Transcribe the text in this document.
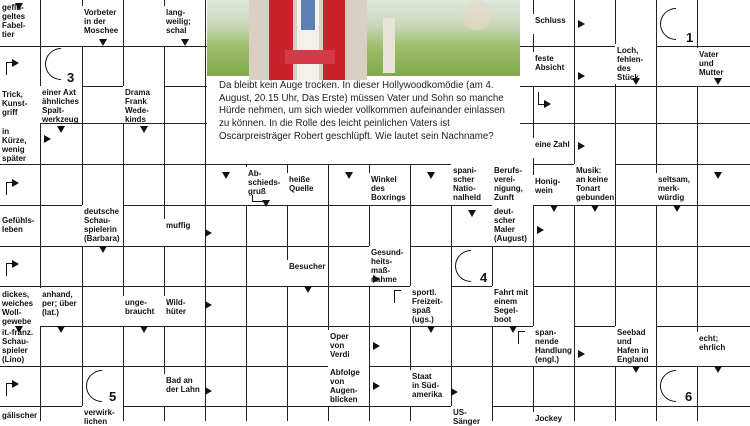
Da bleibt kein Auge trocken. In dieser Hollywoodkomödie (am 4. August, 20.15 Uhr, Das Erste) müssen Vater und Sohn so manche Hürde nehmen, um sich wieder vollkommen aufeinander einlassen zu können. In die Rolle des leicht peinlichen Vaters ist Oscarpreisträger Robert geschlüpft. Wie lautet sein Nachname?
geflü-
geltes
Fabel-
tier
Vorbeter
in der
Moschee
lang-
weilig;
schal
Trick,
Kunst-
griff
einer Axt
ähnliches
Spalt-
werkzeug
Drama
Frank
Wede-
kinds
in
Kürze,
wenig
später
Schluss
feste
Absicht
Loch,
fehlen-
des
Stück
Vater
und
Mutter
eine Zahl
Ab-
schieds-
gruß
heiße
Quelle
Winkel
des
Boxrings
spani-
scher
Natio-
nalheld
Berufs-
verei-
nigung,
Zunft
Honig-
wein
Musik:
an keine
Tonart
gebunden
seltsam,
merk-
würdig
Gefühls-
leben
deutsche
Schau-
spielerin
(Barbara)
muffig
deut-
scher
Maler
(August)
Besucher
Gesund-
heits-
maß-
nahme
dickes,
weiches
Woll-
gewebe
anhand,
per; über
(lat.)
unge-
braucht
Wild-
hüter
sportl.
Freizeit-
spaß
(ugs.)
Fahrt mit
einem
Segel-
boot
it.-franz.
Schau-
spieler
(Lino)
Oper
von
Verdi
span-
nende
Handlung
(engl.)
Seebad
und
Hafen in
England
echt;
ehrlich
Bad an
der Lahn
Abfolge
von
Augen-
blicken
Staat
in Süd-
amerika
gälischer	verwirk-
lichen
US-
Sänger	Jockey
1
3
4
5	6
